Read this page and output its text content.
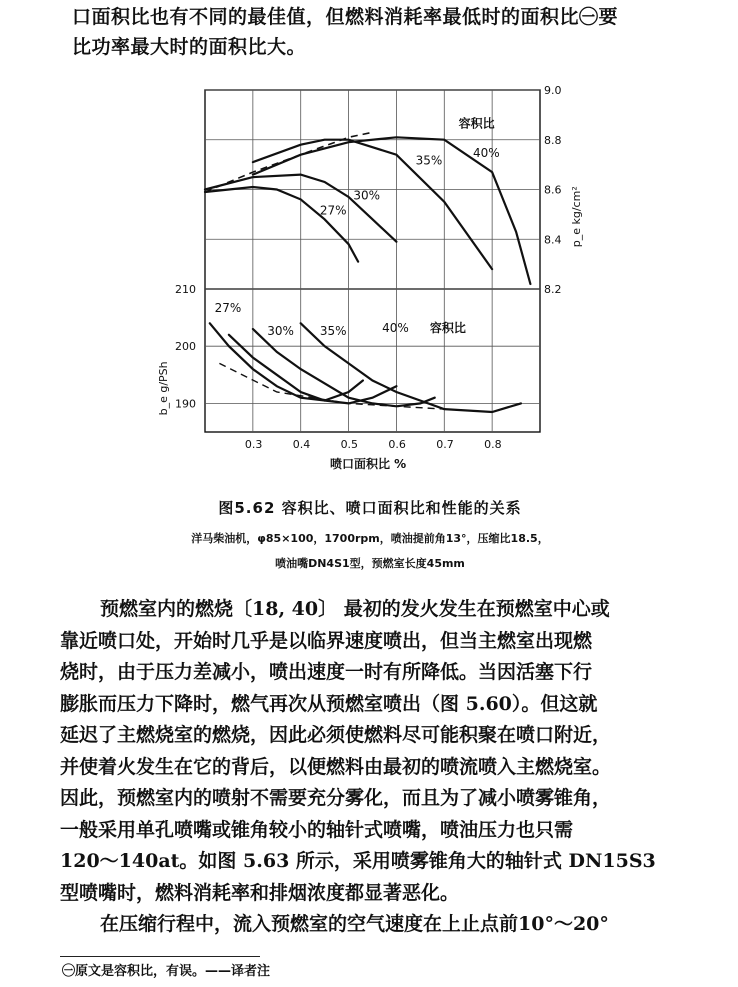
口面积比也有不同的最佳值，但燃料消耗率最低时的面积比㊀要
比功率最大时的面积比大。
8.2
8.4
8.6
8.8
9.0
190
200
210
0.3	0.4	0.5	0.6	0.7	0.8
喷口面积比 %
p_e kg/cm²
b_e g/PSh
27%
30%
35%
40%
容积比
27%
30% 35%	40% 容积比
图5.62 容积比、喷口面积比和性能的关系
洋马柴油机，φ85×100，1700rpm，喷油提前角13°，压缩比18.5，
喷油嘴DN4S1型，预燃室长度45mm
预燃室内的燃烧〔18, 40〕 最初的发火发生在预燃室中心或
靠近喷口处，开始时几乎是以临界速度喷出，但当主燃室出现燃
烧时，由于压力差减小，喷出速度一时有所降低。当因活塞下行
膨胀而压力下降时，燃气再次从预燃室喷出（图 5.60）。但这就
延迟了主燃烧室的燃烧，因此必须使燃料尽可能积聚在喷口附近，
并使着火发生在它的背后，以便燃料由最初的喷流喷入主燃烧室。
因此，预燃室内的喷射不需要充分雾化，而且为了减小喷雾锥角，
一般采用单孔喷嘴或锥角较小的轴针式喷嘴，喷油压力也只需
120～140at。如图 5.63 所示，采用喷雾锥角大的轴针式 DN15S3
型喷嘴时，燃料消耗率和排烟浓度都显著恶化。
在压缩行程中，流入预燃室的空气速度在上止点前10°～20°
㊀原文是容积比，有误。——译者注
